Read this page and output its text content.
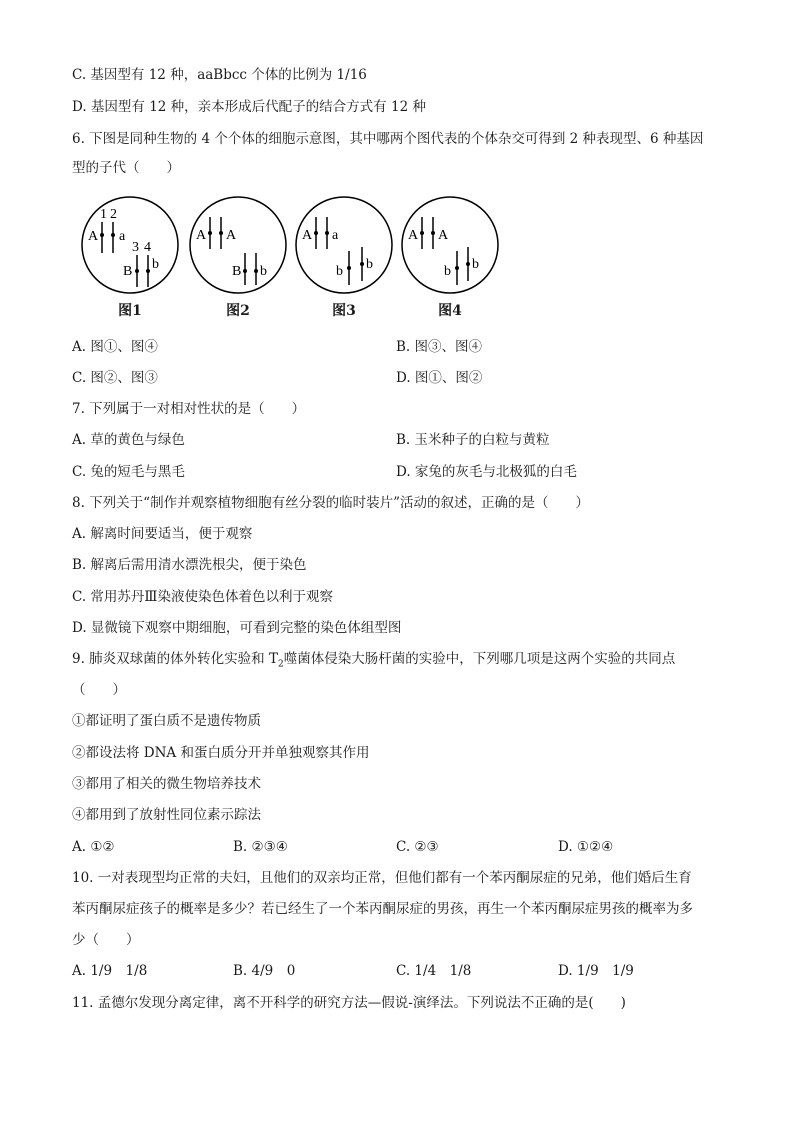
C. 基因型有 12 种，aaBbcc 个体的比例为 1/16
D. 基因型有 12 种，亲本形成后代配子的结合方式有 12 种
6. 下图是同种生物的 4 个个体的细胞示意图，其中哪两个图代表的个体杂交可得到 2 种表现型、6 种基因
型的子代（　　）
1 2
3 4
A a
B b
图1
A A
B b
图2
A a
b b
图3
A A
b b
图4
A. 图①、图④	B. 图③、图④
C. 图②、图③	D. 图①、图②
7. 下列属于一对相对性状的是（　　）
A. 草的黄色与绿色	B. 玉米种子的白粒与黄粒
C. 兔的短毛与黑毛	D. 家兔的灰毛与北极狐的白毛
8. 下列关于“制作并观察植物细胞有丝分裂的临时装片”活动的叙述，正确的是（　　）
A. 解离时间要适当，便于观察
B. 解离后需用清水漂洗根尖，便于染色
C. 常用苏丹Ⅲ染液使染色体着色以利于观察
D. 显微镜下观察中期细胞，可看到完整的染色体组型图
9. 肺炎双球菌的体外转化实验和 $T_2$噬菌体侵染大肠杆菌的实验中，下列哪几项是这两个实验的共同点
（　　）
①都证明了蛋白质不是遗传物质
②都设法将 DNA 和蛋白质分开并单独观察其作用
③都用了相关的微生物培养技术
④都用到了放射性同位素示踪法
A. ①②	B. ②③④	C. ②③	D. ①②④
10. 一对表现型均正常的夫妇，且他们的双亲均正常，但他们都有一个苯丙酮尿症的兄弟，他们婚后生育
苯丙酮尿症孩子的概率是多少？若已经生了一个苯丙酮尿症的男孩，再生一个苯丙酮尿症男孩的概率为多
少（　　）
A. 1/9　1/8	B. 4/9　0	C. 1/4　1/8	D. 1/9　1/9
11. 孟德尔发现分离定律，离不开科学的研究方法—假说-演绎法。下列说法不正确的是(　　)
